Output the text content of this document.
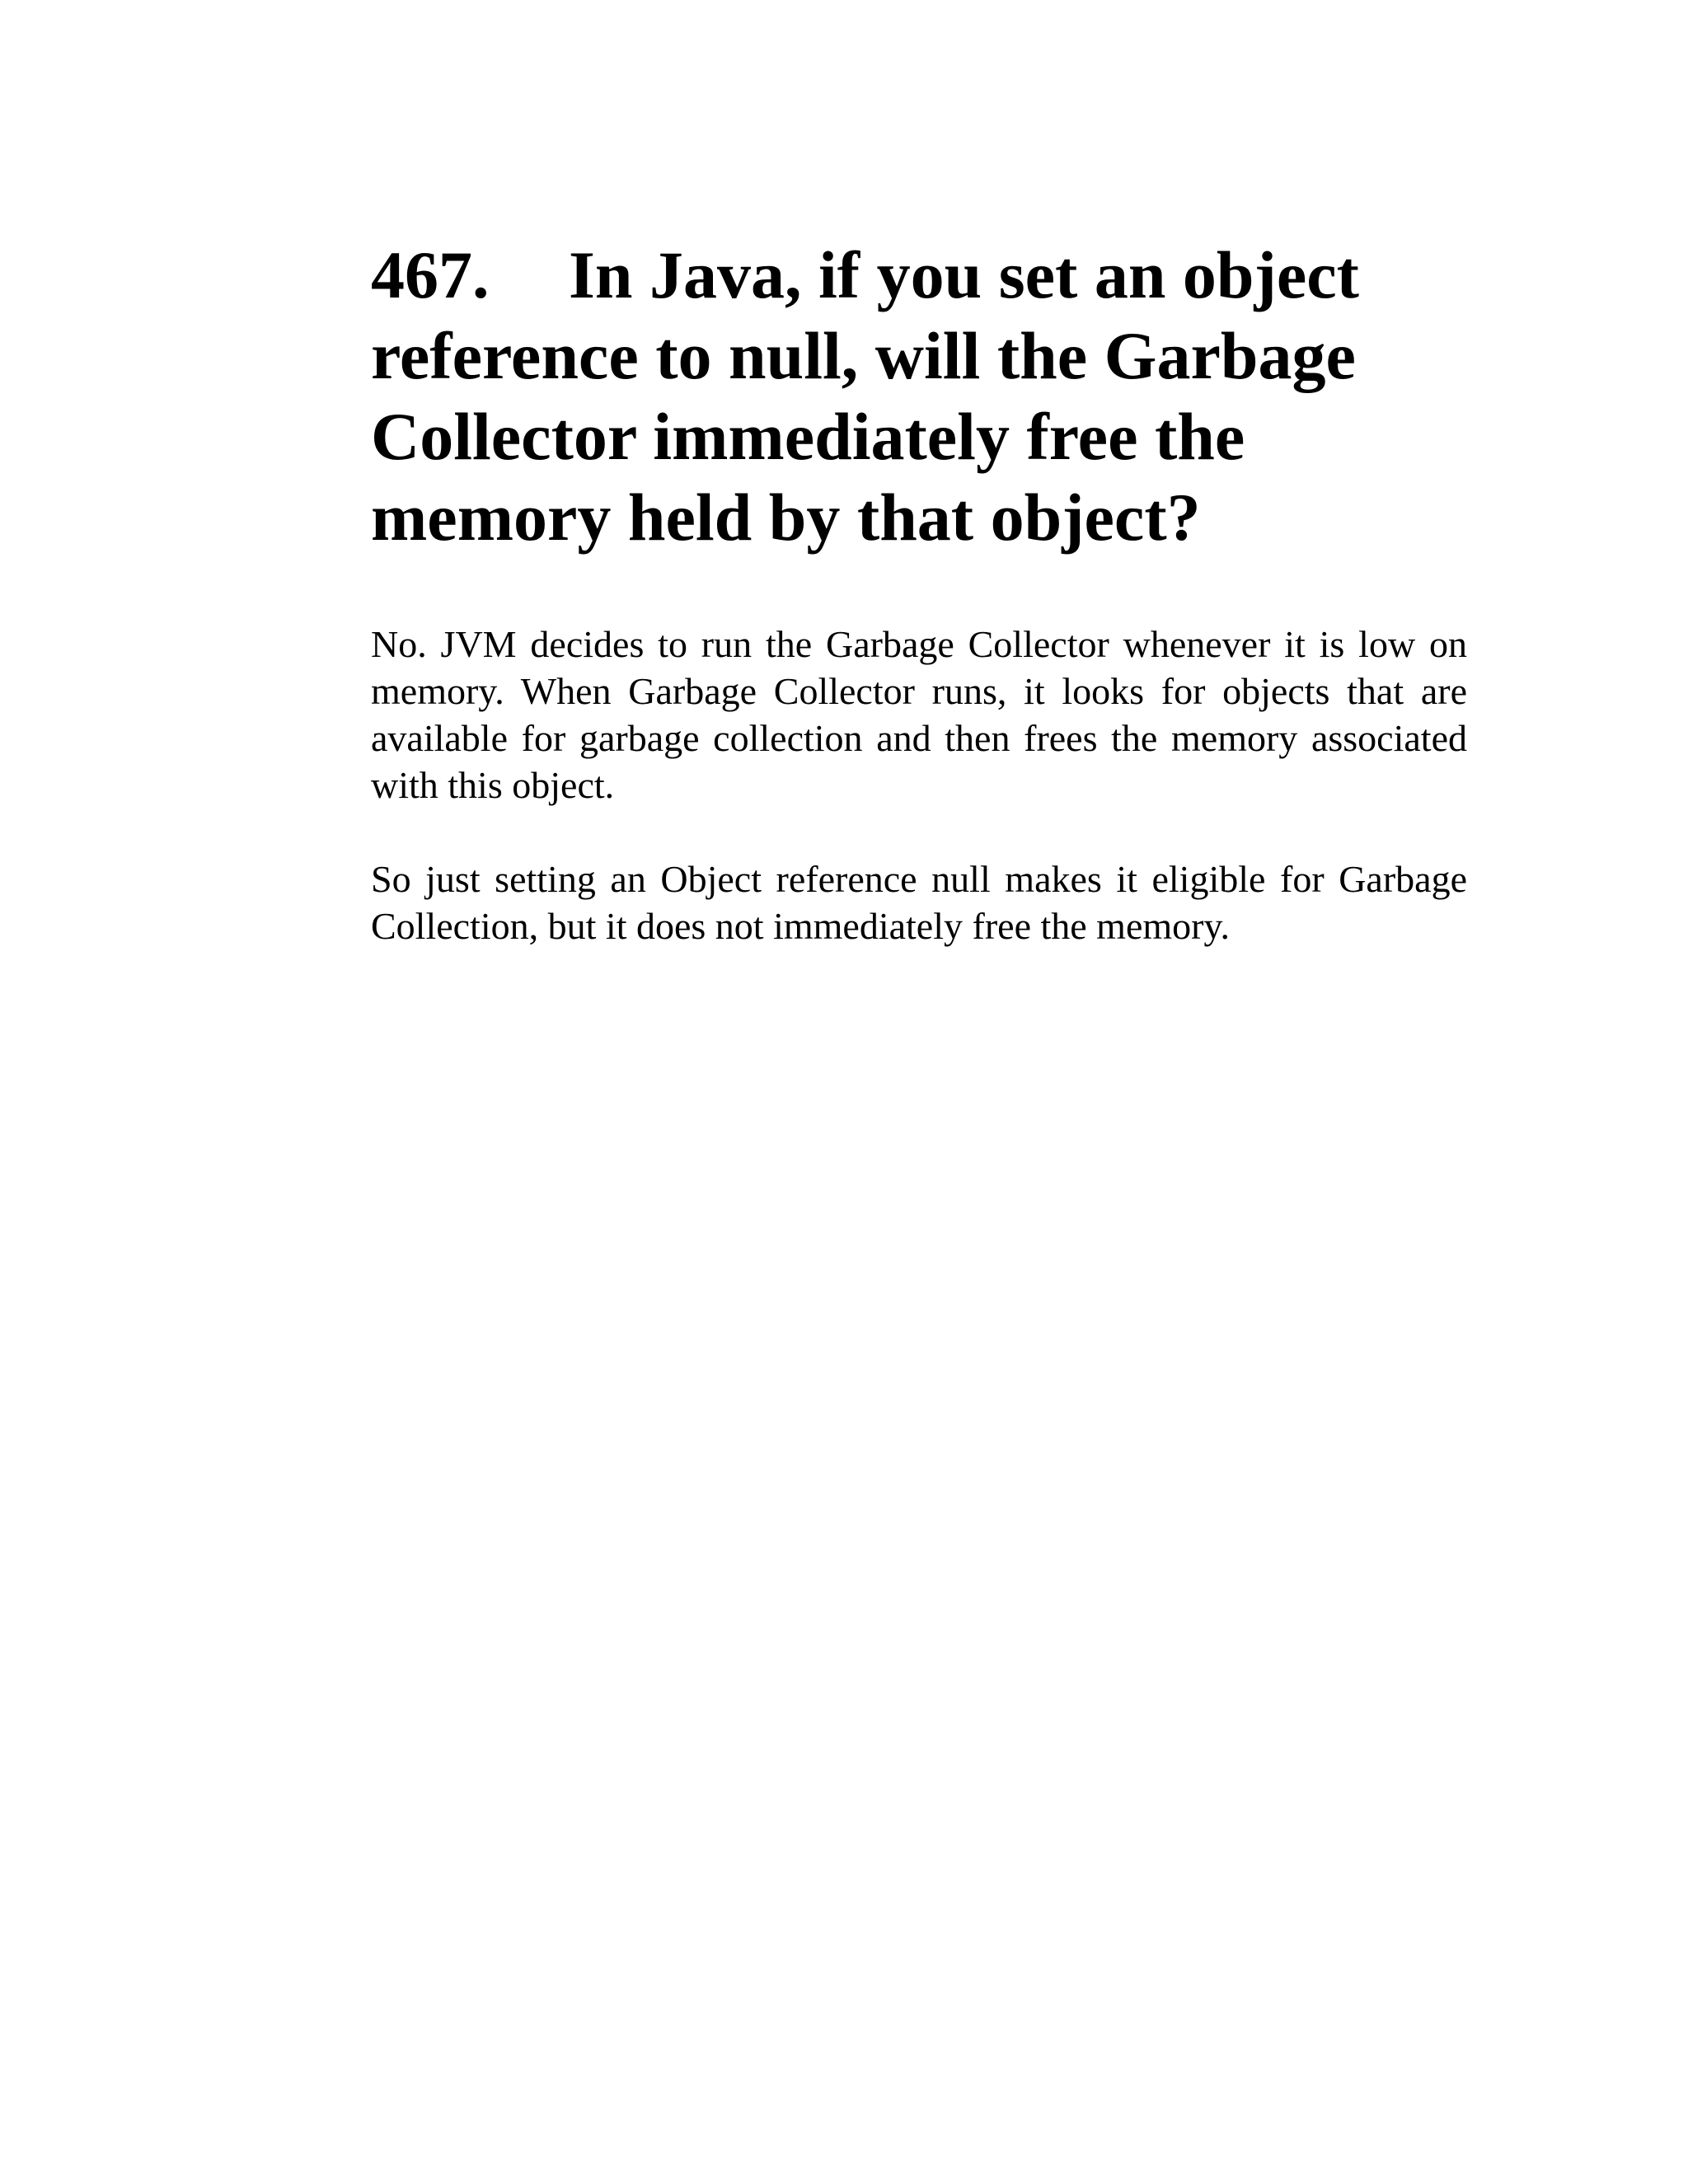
467. In Java, if you set an object reference to null, will the Garbage Collector immediately free the memory held by that object?

No. JVM decides to run the Garbage Collector whenever it is low on memory. When Garbage Collector runs, it looks for objects that are available for garbage collection and then frees the memory associated with this object.

So just setting an Object reference null makes it eligible for Garbage Collection, but it does not immediately free the memory.
